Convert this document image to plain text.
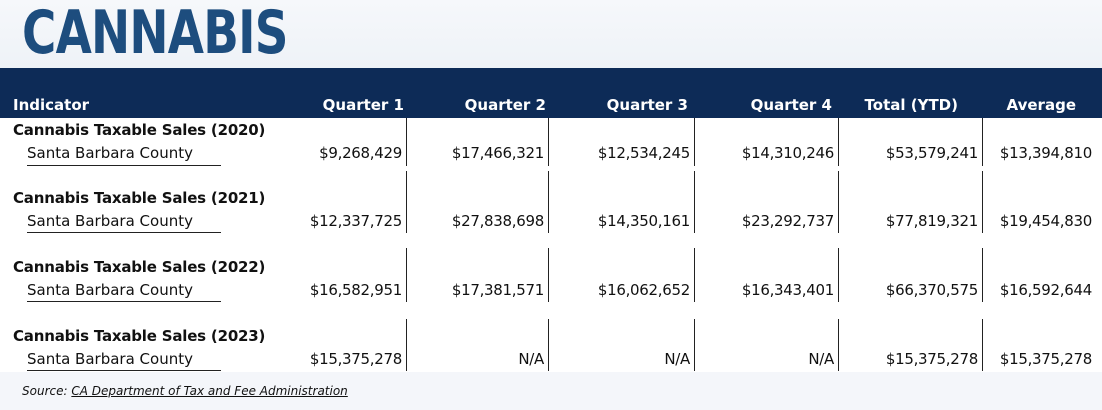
CANNABIS
Indicator	Quarter 1	Quarter 2	Quarter 3	Quarter 4	Total (YTD)	Average
Cannabis Taxable Sales (2020)
Santa Barbara County	$9,268,429	$17,466,321	$12,534,245	$14,310,246	$53,579,241	$13,394,810
Cannabis Taxable Sales (2021)
Santa Barbara County	$12,337,725	$27,838,698	$14,350,161	$23,292,737	$77,819,321	$19,454,830
Cannabis Taxable Sales (2022)
Santa Barbara County	$16,582,951	$17,381,571	$16,062,652	$16,343,401	$66,370,575	$16,592,644
Cannabis Taxable Sales (2023)
Santa Barbara County	$15,375,278	N/A	N/A	N/A	$15,375,278	$15,375,278
Source: CA Department of Tax and Fee Administration
